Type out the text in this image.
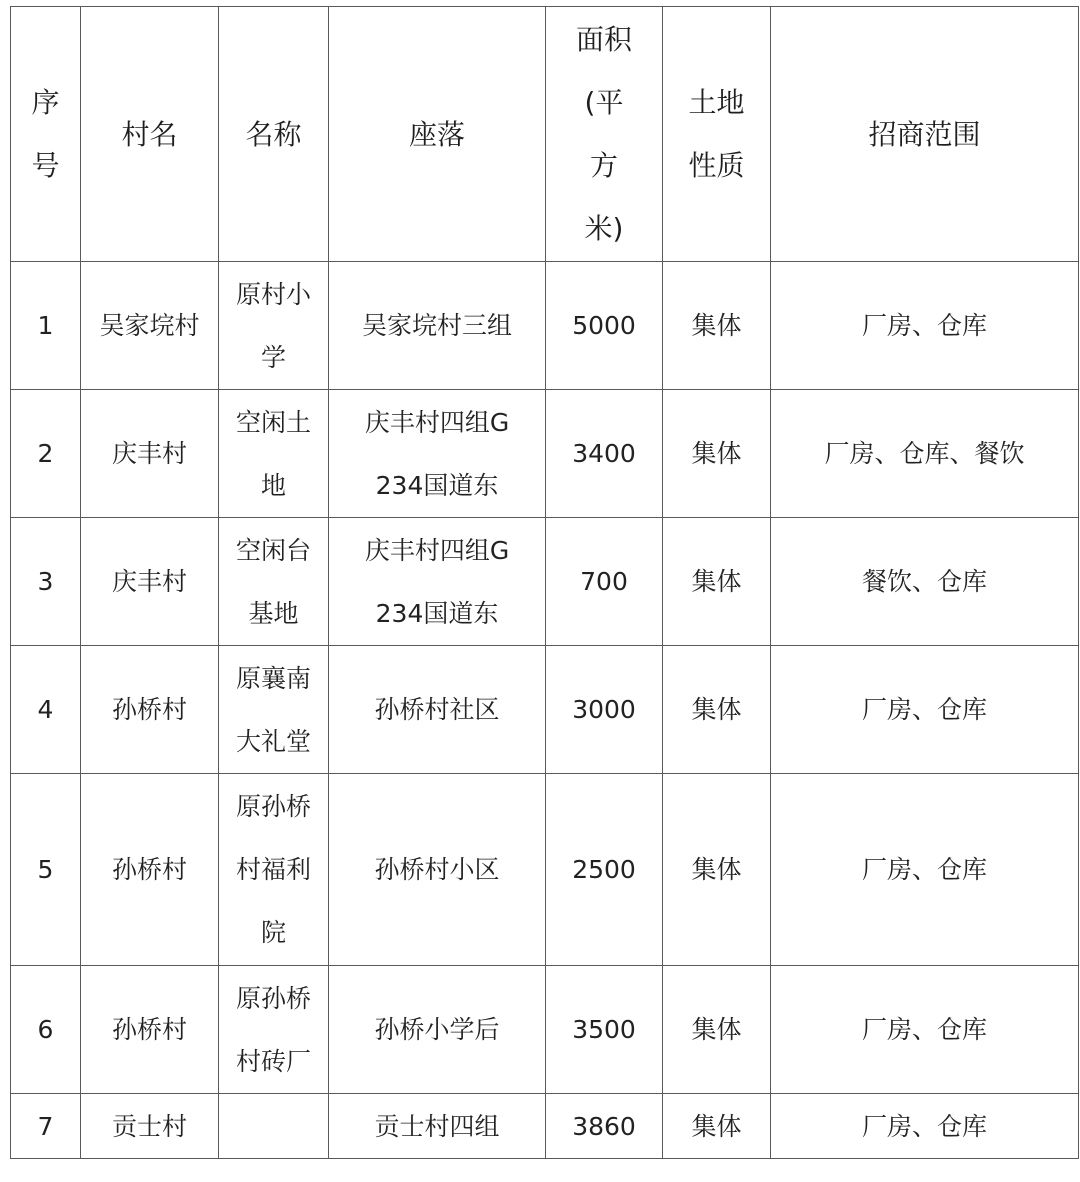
序号	村名	名称	座落	面积(平方米)	土地性质	招商范围
1	吴家垸村	原村小学	吴家垸村三组	5000	集体	厂房、仓库
2	庆丰村	空闲土地	庆丰村四组G234国道东	3400	集体	厂房、仓库、餐饮
3	庆丰村	空闲台基地	庆丰村四组G234国道东	700	集体	餐饮、仓库
4	孙桥村	原襄南大礼堂	孙桥村社区	3000	集体	厂房、仓库
5	孙桥村	原孙桥村福利院	孙桥村小区	2500	集体	厂房、仓库
6	孙桥村	原孙桥村砖厂	孙桥小学后	3500	集体	厂房、仓库
7	贡士村		贡士村四组	3860	集体	厂房、仓库
